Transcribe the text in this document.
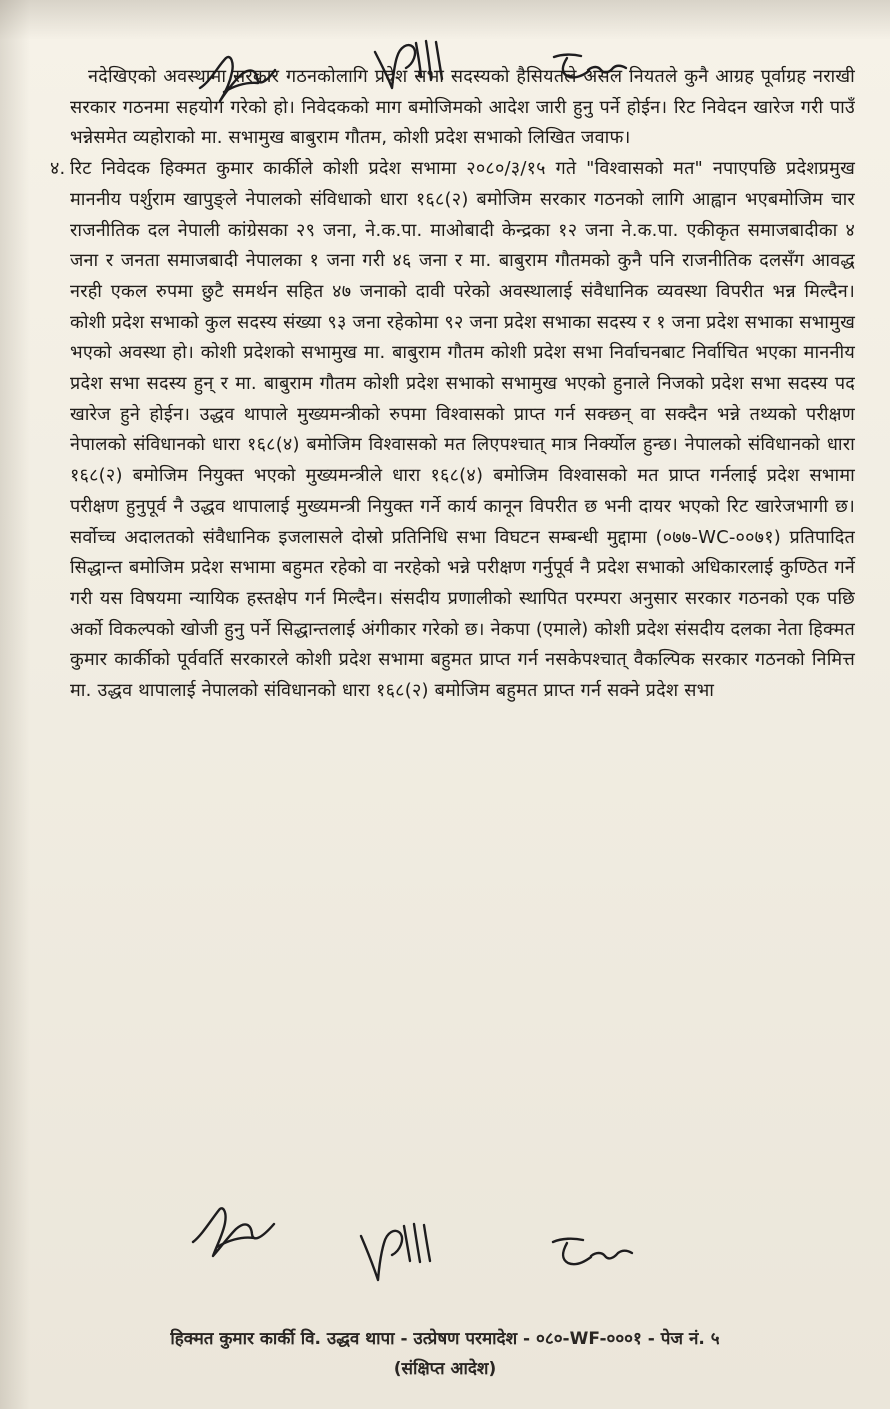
नदेखिएको अवस्थामा सरकार गठनकोलागि प्रदेश सभा सदस्यको हैसियतले असल नियतले कुनै आग्रह पूर्वाग्रह नराखी सरकार गठनमा सहयोग गरेको हो। निवेदकको माग बमोजिमको आदेश जारी हुनु पर्ने होईन। रिट निवेदन खारेज गरी पाउँ भन्नेसमेत व्यहोराको मा. सभामुख बाबुराम गौतम, कोशी प्रदेश सभाको लिखित जवाफ।

४. रिट निवेदक हिक्मत कुमार कार्कीले कोशी प्रदेश सभामा २०८०/३/१५ गते "विश्वासको मत" नपाएपछि प्रदेशप्रमुख माननीय पर्शुराम खापुङ्ले नेपालको संविधाको धारा १६८(२) बमोजिम सरकार गठनको लागि आह्वान भएबमोजिम चार राजनीतिक दल नेपाली कांग्रेसका २९ जना, ने.क.पा. माओबादी केन्द्रका १२ जना ने.क.पा. एकीकृत समाजबादीका ४ जना र जनता समाजबादी नेपालका १ जना गरी ४६ जना र मा. बाबुराम गौतमको कुनै पनि राजनीतिक दलसँग आवद्ध नरही एकल रुपमा छुटै समर्थन सहित ४७ जनाको दावी परेको अवस्थालाई संवैधानिक व्यवस्था विपरीत भन्न मिल्दैन। कोशी प्रदेश सभाको कुल सदस्य संख्या ९३ जना रहेकोमा ९२ जना प्रदेश सभाका सदस्य र १ जना प्रदेश सभाका सभामुख भएको अवस्था हो। कोशी प्रदेशको सभामुख मा. बाबुराम गौतम कोशी प्रदेश सभा निर्वाचनबाट निर्वाचित भएका माननीय प्रदेश सभा सदस्य हुन् र मा. बाबुराम गौतम कोशी प्रदेश सभाको सभामुख भएको हुनाले निजको प्रदेश सभा सदस्य पद खारेज हुने होईन। उद्धव थापाले मुख्यमन्त्रीको रुपमा विश्वासको प्राप्त गर्न सक्छन् वा सक्दैन भन्ने तथ्यको परीक्षण नेपालको संविधानको धारा १६८(४) बमोजिम विश्वासको मत लिएपश्चात् मात्र निर्क्योल हुन्छ। नेपालको संविधानको धारा १६८(२) बमोजिम नियुक्त भएको मुख्यमन्त्रीले धारा १६८(४) बमोजिम विश्वासको मत प्राप्त गर्नलाई प्रदेश सभामा परीक्षण हुनुपूर्व नै उद्धव थापालाई मुख्यमन्त्री नियुक्त गर्ने कार्य कानून विपरीत छ भनी दायर भएको रिट खारेजभागी छ। सर्वोच्च अदालतको संवैधानिक इजलासले दोस्रो प्रतिनिधि सभा विघटन सम्बन्धी मुद्दामा (०७७-WC-००७१) प्रतिपादित सिद्धान्त बमोजिम प्रदेश सभामा बहुमत रहेको वा नरहेको भन्ने परीक्षण गर्नुपूर्व नै प्रदेश सभाको अधिकारलाई कुण्ठित गर्ने गरी यस विषयमा न्यायिक हस्तक्षेप गर्न मिल्दैन। संसदीय प्रणालीको स्थापित परम्परा अनुसार सरकार गठनको एक पछि अर्को विकल्पको खोजी हुनु पर्ने सिद्धान्तलाई अंगीकार गरेको छ। नेकपा (एमाले) कोशी प्रदेश संसदीय दलका नेता हिक्मत कुमार कार्कीको पूर्ववर्ति सरकारले कोशी प्रदेश सभामा बहुमत प्राप्त गर्न नसकेपश्चात् वैकल्पिक सरकार गठनको निमित्त मा. उद्धव थापालाई नेपालको संविधानको धारा १६८(२) बमोजिम बहुमत प्राप्त गर्न सक्ने प्रदेश सभा

हिक्मत कुमार कार्की वि. उद्धव थापा - उत्प्रेषण परमादेश - ०८०-WF-०००१ - पेज नं. ५
(संक्षिप्त आदेश)
